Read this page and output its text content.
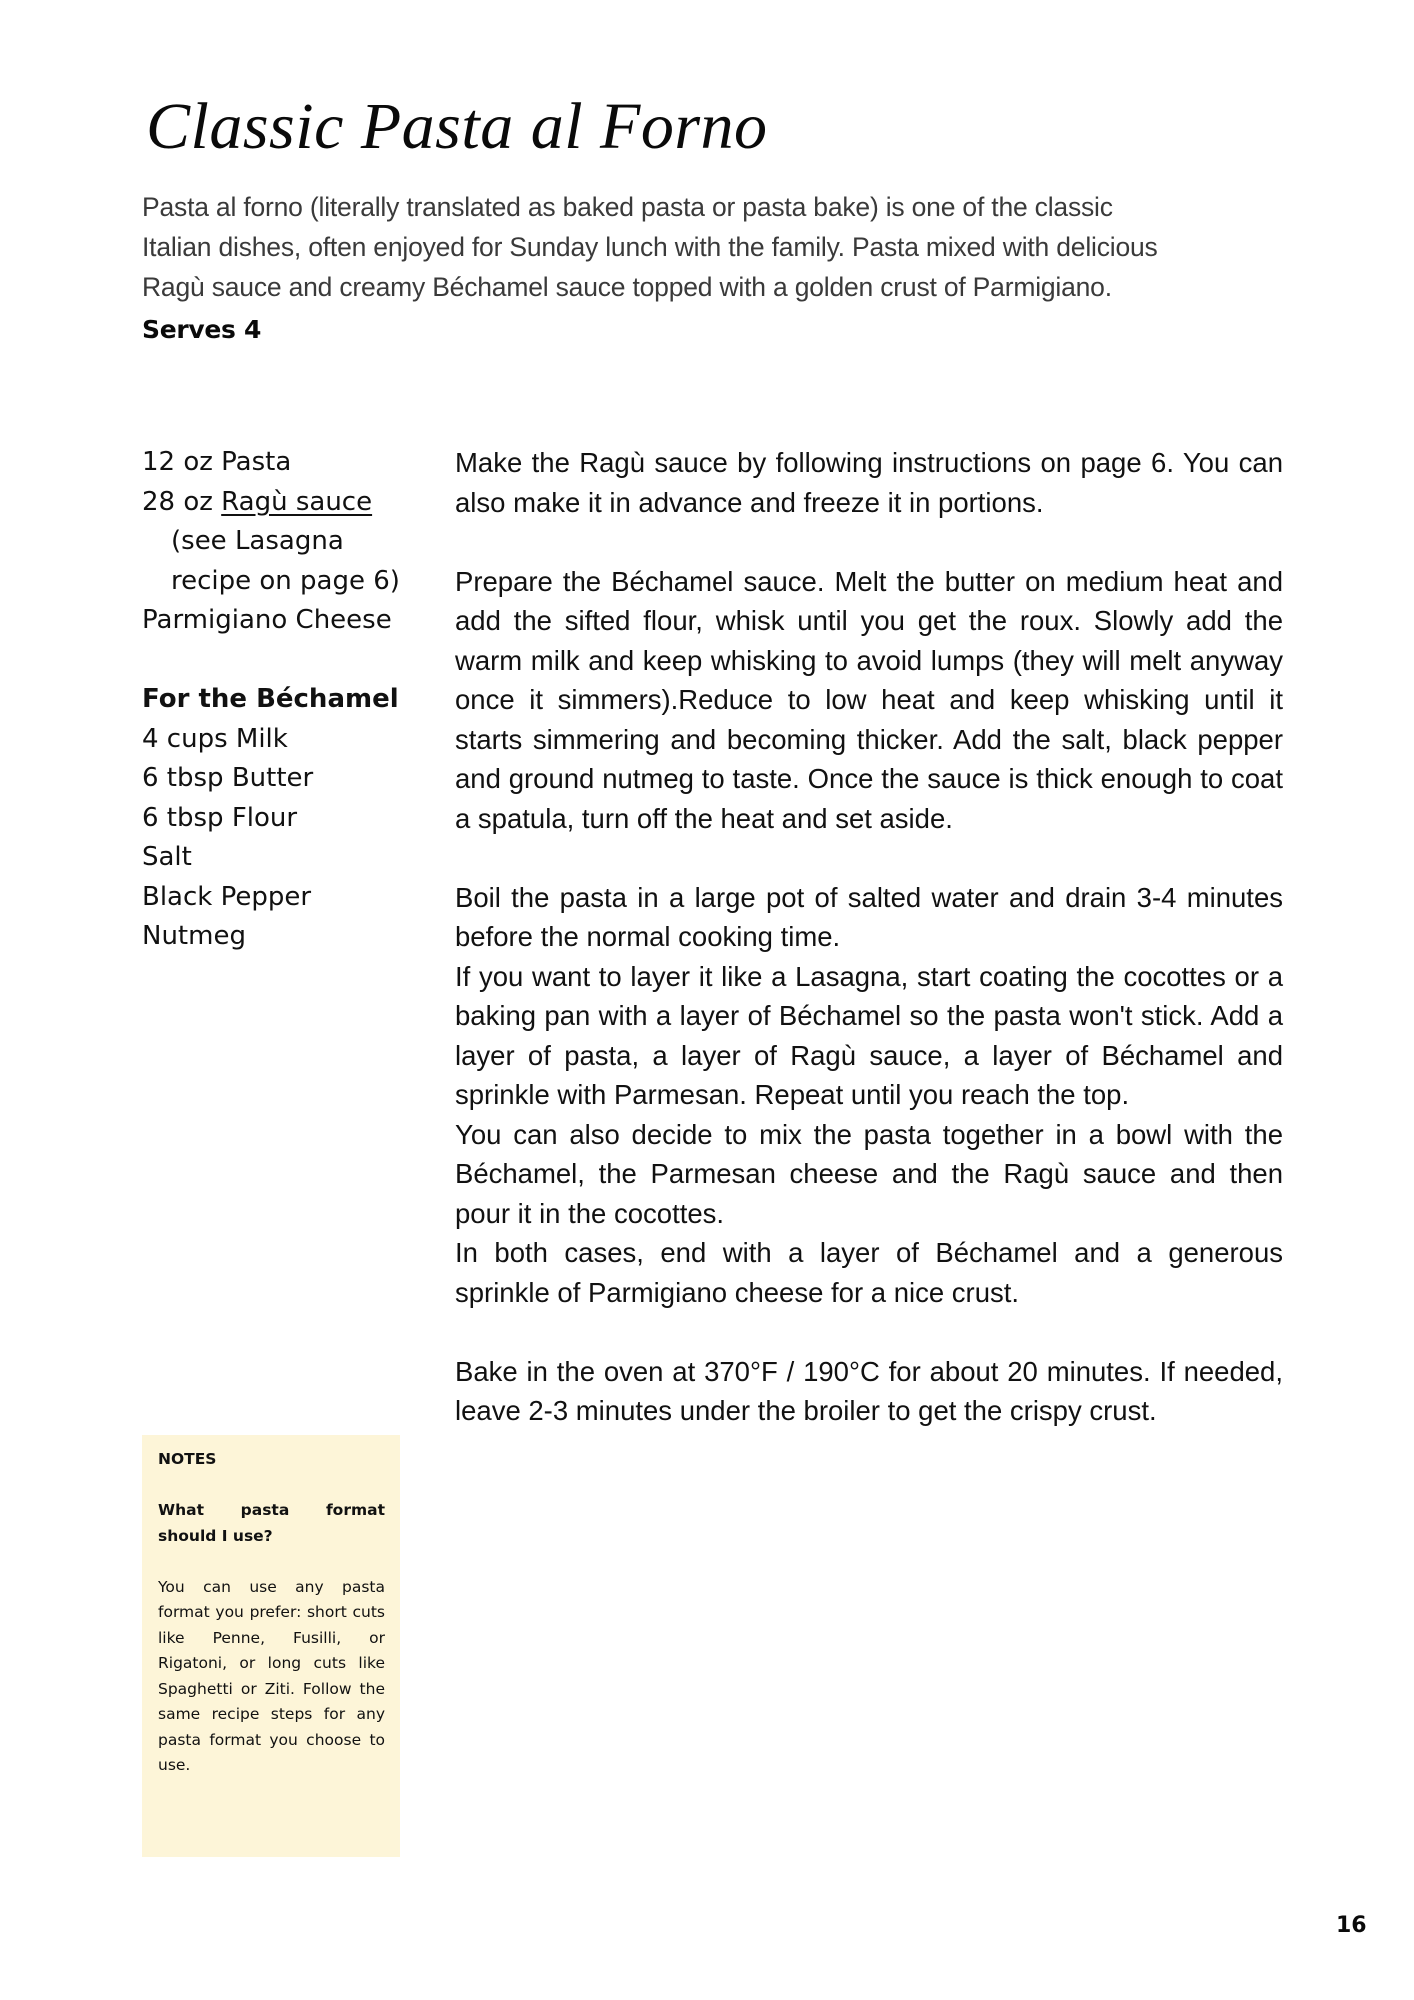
Classic Pasta al Forno
Pasta al forno (literally translated as baked pasta or pasta bake) is one of the classic
Italian dishes, often enjoyed for Sunday lunch with the family. Pasta mixed with delicious
Ragù sauce and creamy Béchamel sauce topped with a golden crust of Parmigiano.
Serves 4
12 oz Pasta
28 oz Ragù sauce
(see Lasagna
recipe on page 6)
Parmigiano Cheese
For the Béchamel
4 cups Milk
6 tbsp Butter
6 tbsp Flour
Salt
Black Pepper
Nutmeg

Make the Ragù sauce by following instructions on page 6. You can also make it in advance and freeze it in portions.

Prepare the Béchamel sauce. Melt the butter on medium heat and add the sifted flour, whisk until you get the roux. Slowly add the warm milk and keep whisking to avoid lumps (they will melt anyway once it simmers).Reduce to low heat and keep whisking until it starts simmering and becoming thicker. Add the salt, black pepper and ground nutmeg to taste. Once the sauce is thick enough to coat a spatula, turn off the heat and set aside.

Boil the pasta in a large pot of salted water and drain 3-4 minutes before the normal cooking time.

If you want to layer it like a Lasagna, start coating the cocottes or a baking pan with a layer of Béchamel so the pasta won't stick. Add a layer of pasta, a layer of Ragù sauce, a layer of Béchamel and sprinkle with Parmesan. Repeat until you reach the top.

You can also decide to mix the pasta together in a bowl with the Béchamel, the Parmesan cheese and the Ragù sauce and then pour it in the cocottes.

In both cases, end with a layer of Béchamel and a generous sprinkle of Parmigiano cheese for a nice crust.

Bake in the oven at 370°F / 190°C for about 20 minutes. If needed, leave 2-3 minutes under the broiler to get the crispy crust.

NOTES

What pasta format should I use?

You can use any pasta format you prefer: short cuts like Penne, Fusilli, or Rigatoni, or long cuts like Spaghetti or Ziti. Follow the same recipe steps for any pasta format you choose to use.

16
